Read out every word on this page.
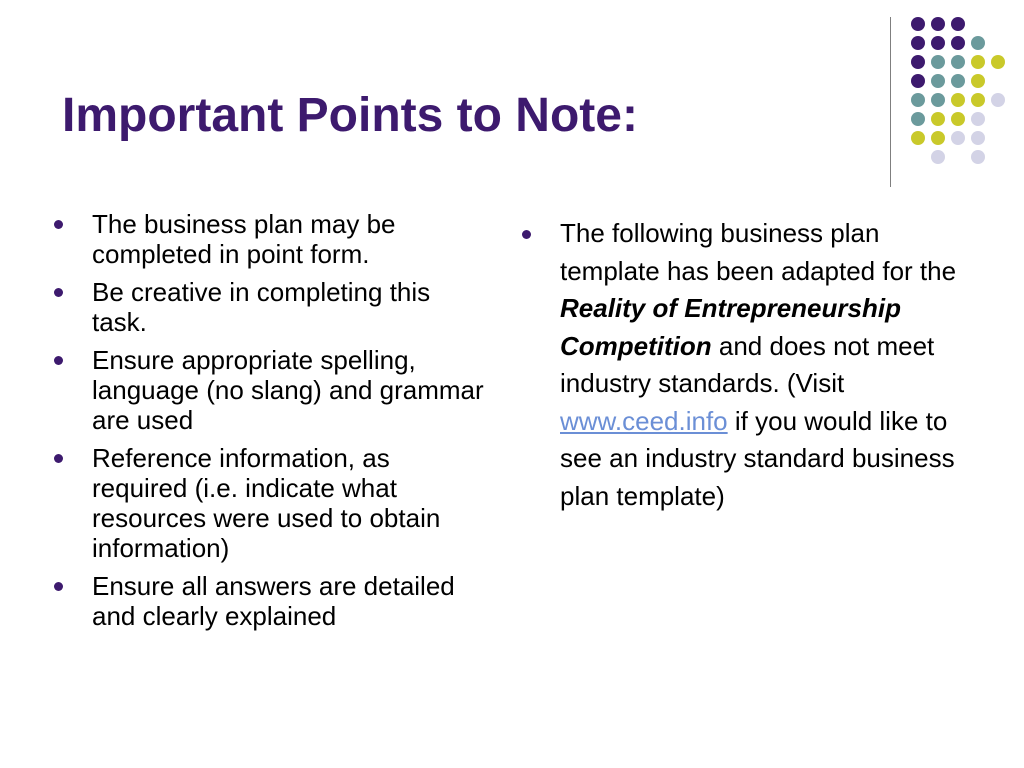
Important Points to Note:
The business plan may be completed in point form.
Be creative in completing this task.
Ensure appropriate spelling, language (no slang) and grammar are used
Reference information, as required (i.e. indicate what resources were used to obtain information)
Ensure all answers are detailed and clearly explained
The following business plan template has been adapted for the Reality of Entrepreneurship Competition and does not meet industry standards. (Visit www.ceed.info if you would like to see an industry standard business plan template)
